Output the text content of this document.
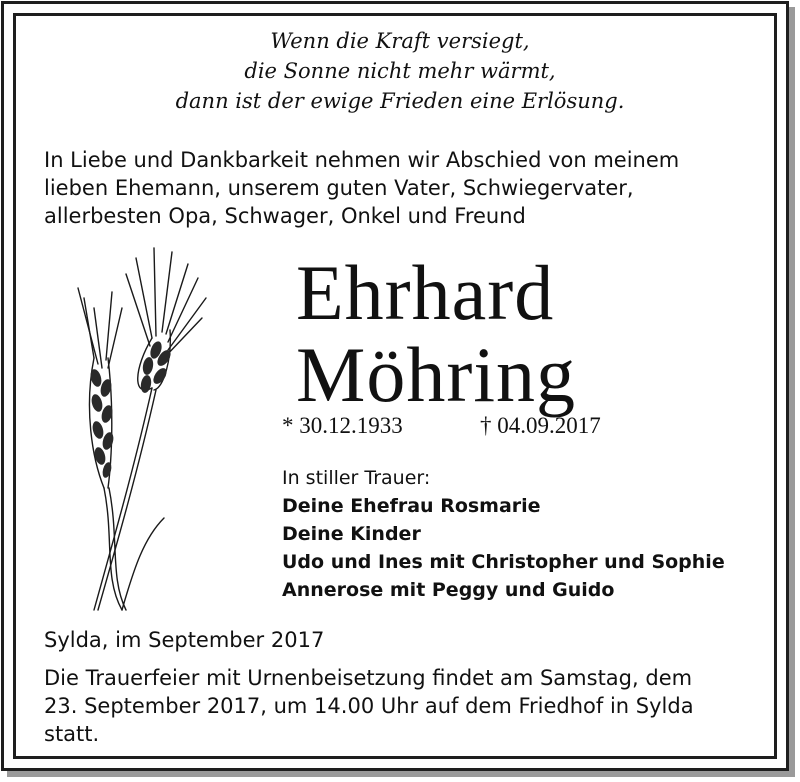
Wenn die Kraft versiegt,
die Sonne nicht mehr wärmt,
dann ist der ewige Frieden eine Erlösung.
In Liebe und Dankbarkeit nehmen wir Abschied von meinem
lieben Ehemann, unserem guten Vater, Schwiegervater,
allerbesten Opa, Schwager, Onkel und Freund
Ehrhard
Möhring
* 30.12.1933	† 04.09.2017
In stiller Trauer:
Deine Ehefrau Rosmarie
Deine Kinder
Udo und Ines mit Christopher und Sophie
Annerose mit Peggy und Guido
Sylda, im September 2017
Die Trauerfeier mit Urnenbeisetzung findet am Samstag, dem
23. September 2017, um 14.00 Uhr auf dem Friedhof in Sylda
statt.
